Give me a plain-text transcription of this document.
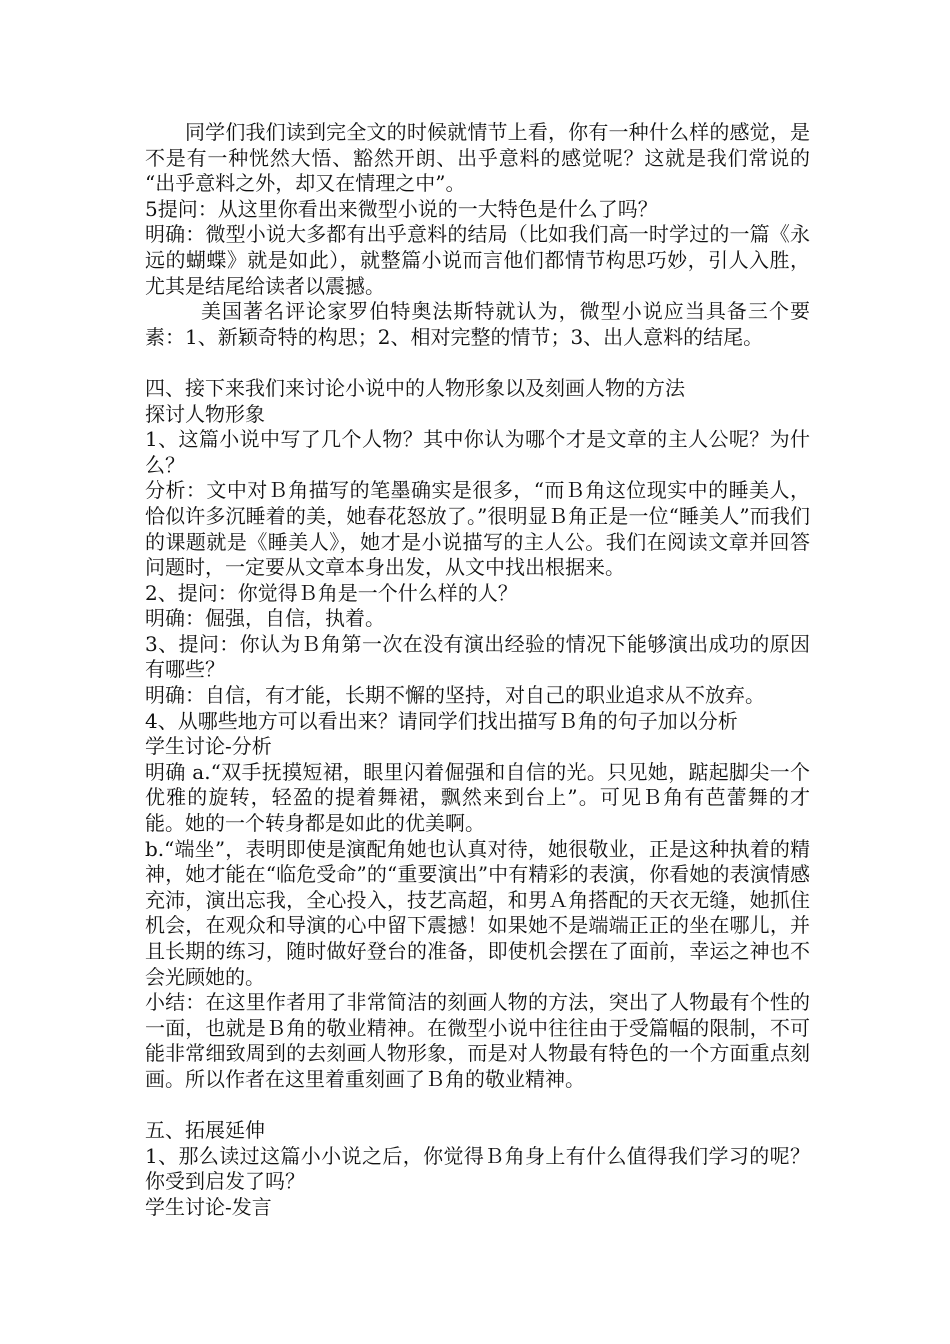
同学们我们读到完全文的时候就情节上看，你有一种什么样的感觉，是不是有一种恍然大悟、豁然开朗、出乎意料的感觉呢？这就是我们常说的 “出乎意料之外，却又在情理之中”。

5提问：从这里你看出来微型小说的一大特色是什么了吗？

明确：微型小说大多都有出乎意料的结局（比如我们高一时学过的一篇《永远的蝴蝶》就是如此），就整篇小说而言他们都情节构思巧妙，引人入胜，尤其是结尾给读者以震撼。

美国著名评论家罗伯特奥法斯特就认为，微型小说应当具备三个要素：1、新颖奇特的构思；2、相对完整的情节；3、出人意料的结尾。

四、接下来我们来讨论小说中的人物形象以及刻画人物的方法

探讨人物形象

1、这篇小说中写了几个人物？其中你认为哪个才是文章的主人公呢？为什么？

分析：文中对Ｂ角描写的笔墨确实是很多，“而Ｂ角这位现实中的睡美人，恰似许多沉睡着的美，她春花怒放了。”很明显Ｂ角正是一位“睡美人”而我们的课题就是《睡美人》，她才是小说描写的主人公。我们在阅读文章并回答问题时，一定要从文章本身出发，从文中找出根据来。

2、提问：你觉得Ｂ角是一个什么样的人？

明确：倔强，自信，执着。

3、提问：你认为Ｂ角第一次在没有演出经验的情况下能够演出成功的原因有哪些？

明确：自信，有才能，长期不懈的坚持，对自己的职业追求从不放弃。

4、从哪些地方可以看出来？请同学们找出描写Ｂ角的句子加以分析

学生讨论-分析

明确 a.“双手抚摸短裙，眼里闪着倔强和自信的光。只见她，踮起脚尖一个优雅的旋转，轻盈的提着舞裙，飘然来到台上”。可见Ｂ角有芭蕾舞的才能。她的一个转身都是如此的优美啊。

b.“端坐”，表明即使是演配角她也认真对待，她很敬业，正是这种执着的精神，她才能在“临危受命”的“重要演出”中有精彩的表演，你看她的表演情感充沛，演出忘我，全心投入，技艺高超，和男Ａ角搭配的天衣无缝，她抓住机会，在观众和导演的心中留下震撼！如果她不是端端正正的坐在哪儿，并且长期的练习，随时做好登台的准备，即使机会摆在了面前，幸运之神也不会光顾她的。

小结：在这里作者用了非常简洁的刻画人物的方法，突出了人物最有个性的一面，也就是Ｂ角的敬业精神。在微型小说中往往由于受篇幅的限制，不可能非常细致周到的去刻画人物形象，而是对人物最有特色的一个方面重点刻画。所以作者在这里着重刻画了Ｂ角的敬业精神。

五、拓展延伸

1、那么读过这篇小小说之后，你觉得Ｂ角身上有什么值得我们学习的呢？你受到启发了吗？

学生讨论-发言
